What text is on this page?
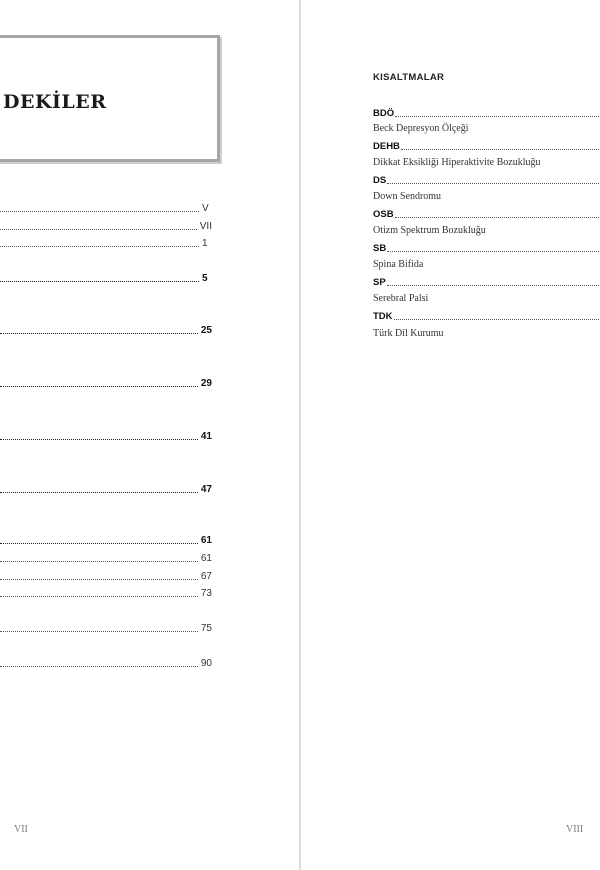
DEKİLER
V
VII
1
5
25
29
41
47
61
61
67
73
75
90
VII
KISALTMALAR
BDÖ
Beck Depresyon Ölçeği
DEHB
Dikkat Eksikliği Hiperaktivite Bozukluğu
DS
Down Sendromu
OSB
Otizm Spektrum Bozukluğu
SB
Spina Bifida
SP
Serebral Palsi
TDK
Türk Dil Kurumu
VIII
